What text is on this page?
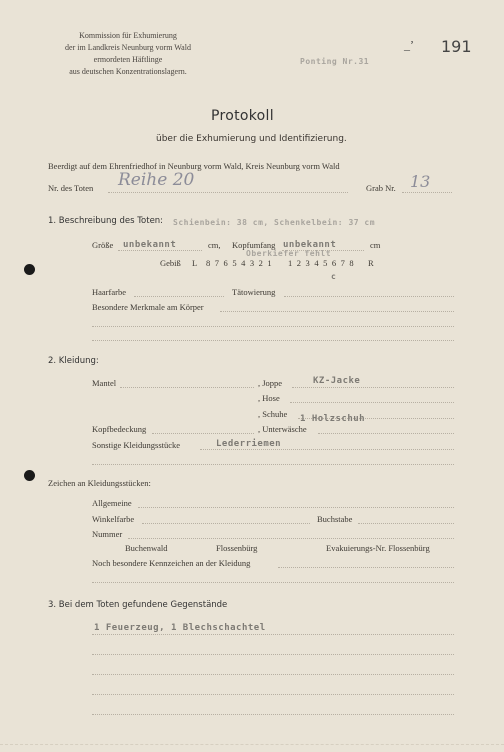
Kommission für Exhumierung
der im Landkreis Neunburg vorm Wald
ermordeten Häftlinge
aus deutschen Konzentrationslagern.
Ponting Nr.31
_ʼ 191
Protokoll
über die Exhumierung und Identifizierung.
Beerdigt auf dem Ehrenfriedhof in Neunburg vorm Wald, Kreis Neunburg vorm Wald
Nr. des Toten Reihe 20	Grab Nr. 13
1. Beschreibung des Toten: Schienbein: 38 cm, Schenkelbein: 37 cm
Größe unbekannt	cm, Kopfumfang unbekannt	cm
Oberkiefer fehlt
Gebiß L 8 7 6 5 4 3 2 1 1 2 3 4 5 6 7 8 R
c
Haarfarbe	Tätowierung
Besondere Merkmale am Körper
2. Kleidung:
Mantel	, Joppe	KZ-Jacke
, Hose
, Schuhe 1 Holzschuh
Kopfbedeckung	, Unterwäsche
Sonstige Kleidungsstücke	Lederriemen
Zeichen an Kleidungsstücken:
Allgemeine
Winkelfarbe	Buchstabe
Nummer
Buchenwald	Flossenbürg	Evakuierungs-Nr. Flossenbürg
Noch besondere Kennzeichen an der Kleidung
3. Bei dem Toten gefundene Gegenstände
1 Feuerzeug, 1 Blechschachtel
